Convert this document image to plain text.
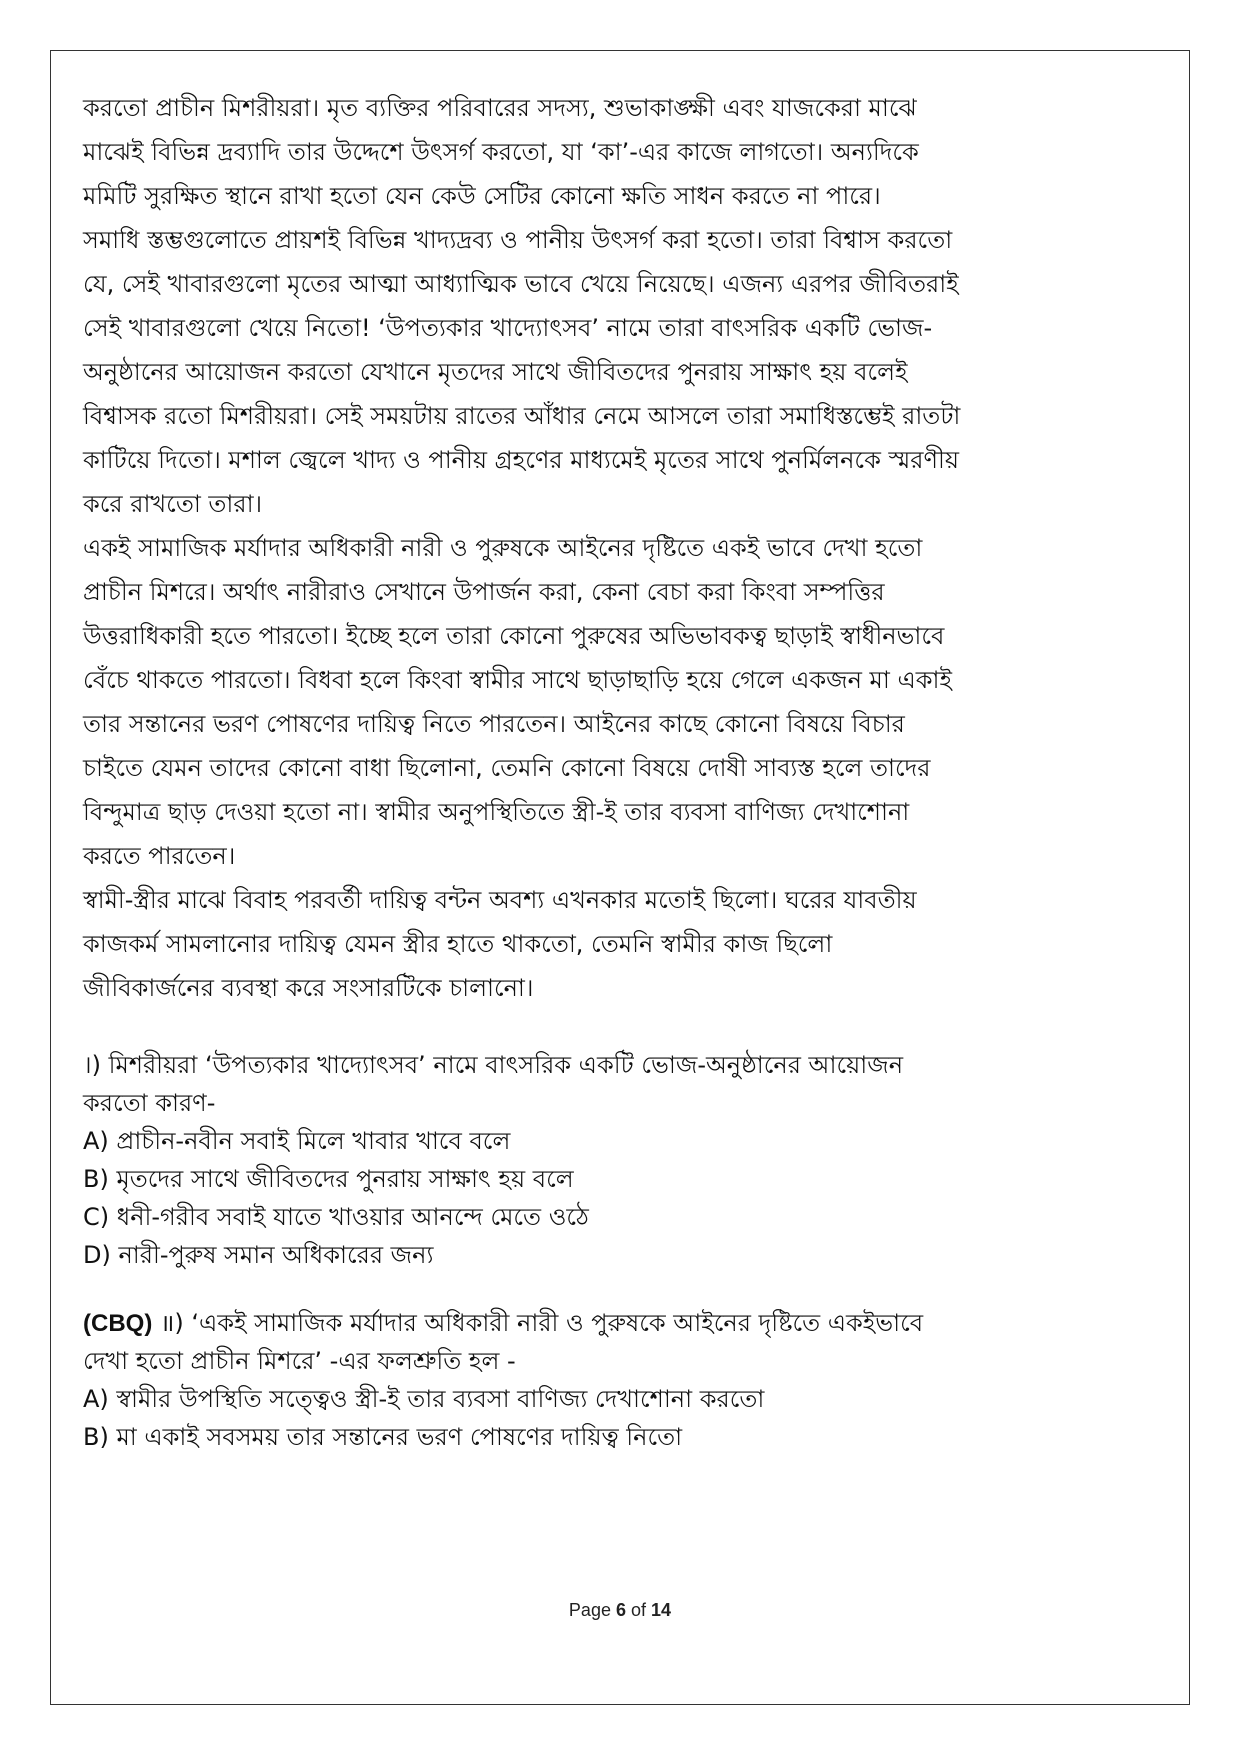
করতো প্রাচীন মিশরীয়রা। মৃত ব্যক্তির পরিবারের সদস্য, শুভাকাঙ্ক্ষী এবং যাজকেরা মাঝে
মাঝেই বিভিন্ন দ্রব্যাদি তার উদ্দেশে উৎসর্গ করতো, যা ‘কা’-এর কাজে লাগতো। অন্যদিকে
মমিটি সুরক্ষিত স্থানে রাখা হতো যেন কেউ সেটির কোনো ক্ষতি সাধন করতে না পারে।
সমাধি স্তম্ভগুলোতে প্রায়শই বিভিন্ন খাদ্যদ্রব্য ও পানীয় উৎসর্গ করা হতো। তারা বিশ্বাস করতো
যে, সেই খাবারগুলো মৃতের আত্মা আধ্যাত্মিক ভাবে খেয়ে নিয়েছে। এজন্য এরপর জীবিতরাই
সেই খাবারগুলো খেয়ে নিতো! ‘উপত্যকার খাদ্যোৎসব’ নামে তারা বাৎসরিক একটি ভোজ-
অনুষ্ঠানের আয়োজন করতো যেখানে মৃতদের সাথে জীবিতদের পুনরায় সাক্ষাৎ হয় বলেই
বিশ্বাসক রতো মিশরীয়রা। সেই সময়টায় রাতের আঁধার নেমে আসলে তারা সমাধিস্তম্ভেই রাতটা
কাটিয়ে দিতো। মশাল জ্বেলে খাদ্য ও পানীয় গ্রহণের মাধ্যমেই মৃতের সাথে পুনর্মিলনকে স্মরণীয়
করে রাখতো তারা।
একই সামাজিক মর্যাদার অধিকারী নারী ও পুরুষকে আইনের দৃষ্টিতে একই ভাবে দেখা হতো
প্রাচীন মিশরে। অর্থাৎ নারীরাও সেখানে উপার্জন করা, কেনা বেচা করা কিংবা সম্পত্তির
উত্তরাধিকারী হতে পারতো। ইচ্ছে হলে তারা কোনো পুরুষের অভিভাবকত্ব ছাড়াই স্বাধীনভাবে
বেঁচে থাকতে পারতো। বিধবা হলে কিংবা স্বামীর সাথে ছাড়াছাড়ি হয়ে গেলে একজন মা একাই
তার সন্তানের ভরণ পোষণের দায়িত্ব নিতে পারতেন। আইনের কাছে কোনো বিষয়ে বিচার
চাইতে যেমন তাদের কোনো বাধা ছিলোনা, তেমনি কোনো বিষয়ে দোষী সাব্যস্ত হলে তাদের
বিন্দুমাত্র ছাড় দেওয়া হতো না। স্বামীর অনুপস্থিতিতে স্ত্রী-ই তার ব্যবসা বাণিজ্য দেখাশোনা
করতে পারতেন।
স্বামী-স্ত্রীর মাঝে বিবাহ পরবর্তী দায়িত্ব বন্টন অবশ্য এখনকার মতোই ছিলো। ঘরের যাবতীয়
কাজকর্ম সামলানোর দায়িত্ব যেমন স্ত্রীর হাতে থাকতো, তেমনি স্বামীর কাজ ছিলো
জীবিকার্জনের ব্যবস্থা করে সংসারটিকে চালানো।
।) মিশরীয়রা ‘উপত্যকার খাদ্যোৎসব’ নামে বাৎসরিক একটি ভোজ-অনুষ্ঠানের আয়োজন
করতো কারণ-
A) প্রাচীন-নবীন সবাই মিলে খাবার খাবে বলে
B) মৃতদের সাথে জীবিতদের পুনরায় সাক্ষাৎ হয় বলে
C) ধনী-গরীব সবাই যাতে খাওয়ার আনন্দে মেতে ওঠে
D) নারী-পুরুষ সমান অধিকারের জন্য
(CBQ) ॥) ‘একই সামাজিক মর্যাদার অধিকারী নারী ও পুরুষকে আইনের দৃষ্টিতে একইভাবে
দেখা হতো প্রাচীন মিশরে’ -এর ফলশ্রুতি হল -
A) স্বামীর উপস্থিতি সত্ত্বেও স্ত্রী-ই তার ব্যবসা বাণিজ্য দেখাশোনা করতো
B) মা একাই সবসময় তার সন্তানের ভরণ পোষণের দায়িত্ব নিতো
Page 6 of 14
